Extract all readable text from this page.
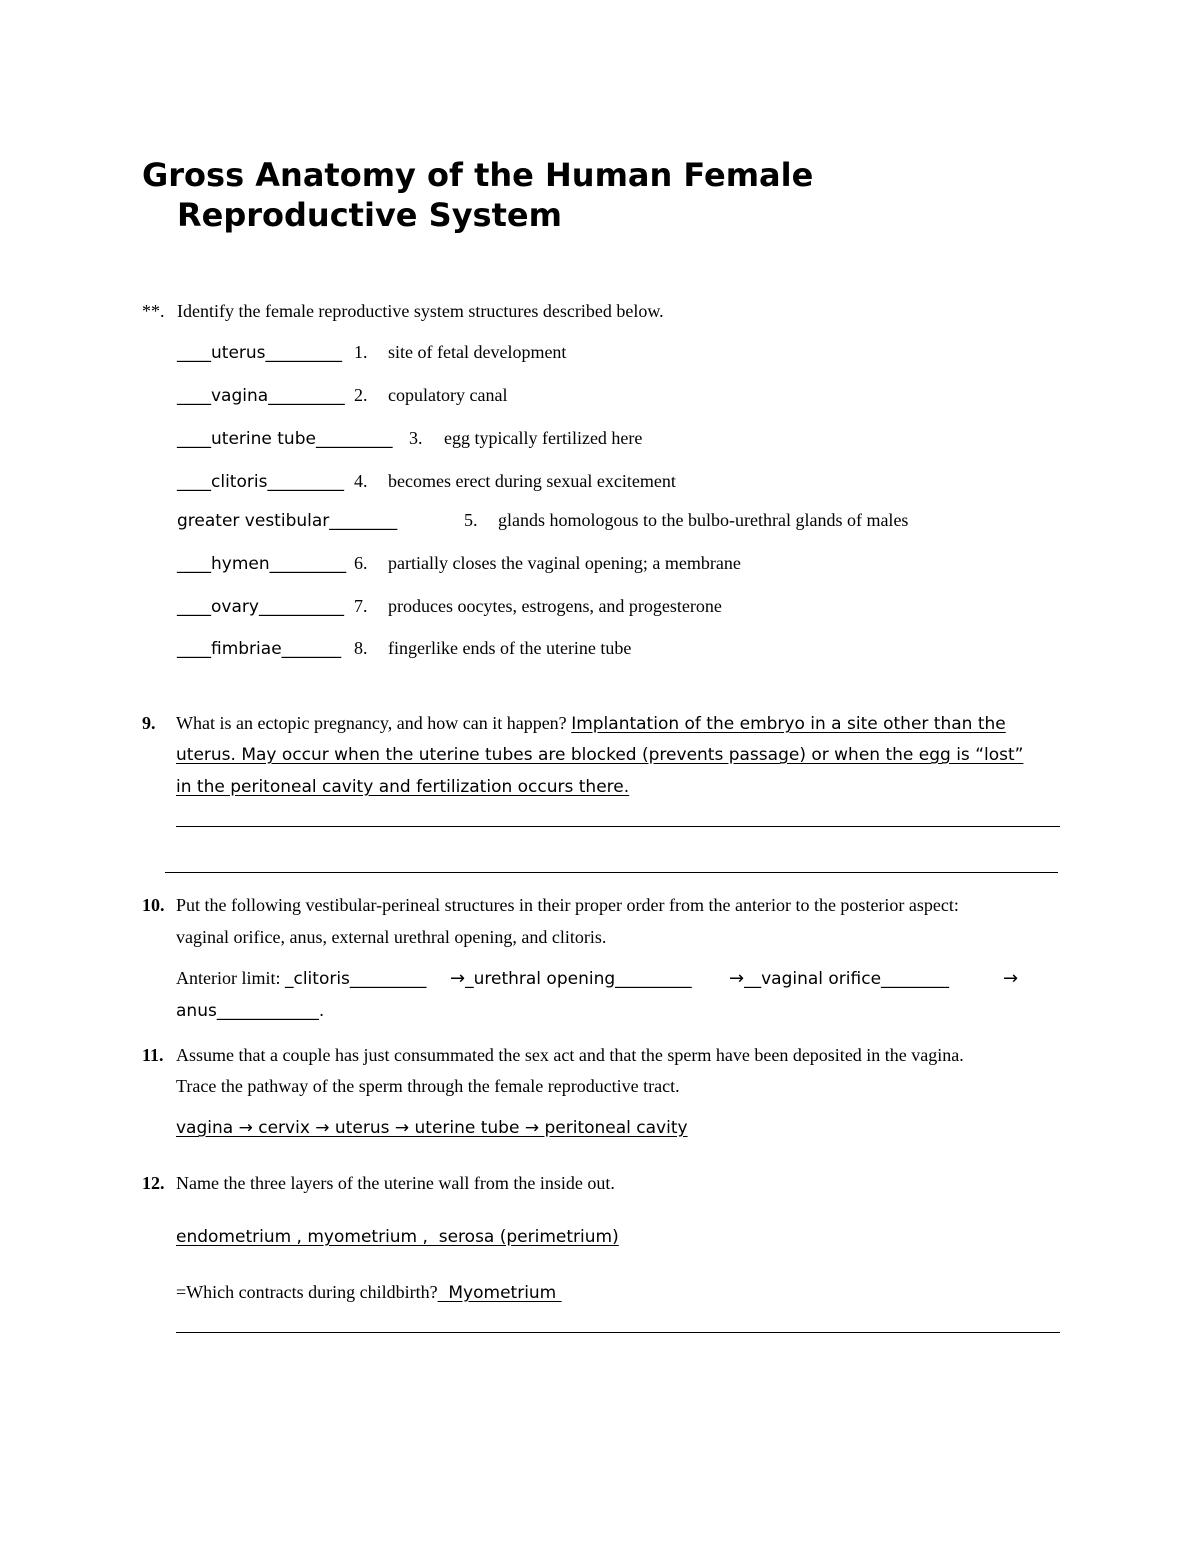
Gross Anatomy of the Human Female
Reproductive System
**. Identify the female reproductive system structures described below.
____uterus_________ 1. site of fetal development
____vagina_________ 2. copulatory canal
____uterine tube_________ 3. egg typically fertilized here
____clitoris_________ 4. becomes erect during sexual excitement
greater vestibular________	5. glands homologous to the bulbo-urethral glands of males
____hymen_________ 6. partially closes the vaginal opening; a membrane
____ovary__________ 7. produces oocytes, estrogens, and progesterone
____fimbriae_______ 8. fingerlike ends of the uterine tube
9. What is an ectopic pregnancy, and how can it happen? Implantation of the embryo in a site other than the
uterus. May occur when the uterine tubes are blocked (prevents passage) or when the egg is “lost”
in the peritoneal cavity and fertilization occurs there.
10. Put the following vestibular-perineal structures in their proper order from the anterior to the posterior aspect:
vaginal orifice, anus, external urethral opening, and clitoris.
Anterior limit: _clitoris_________ →_urethral opening_________ →__vaginal orifice________	→
anus____________.
11. Assume that a couple has just consummated the sex act and that the sperm have been deposited in the vagina.
Trace the pathway of the sperm through the female reproductive tract.
vagina → cervix → uterus → uterine tube → peritoneal cavity
12. Name the three layers of the uterine wall from the inside out.
endometrium , myometrium ,  serosa (perimetrium)
=Which contracts during childbirth?  Myometrium
